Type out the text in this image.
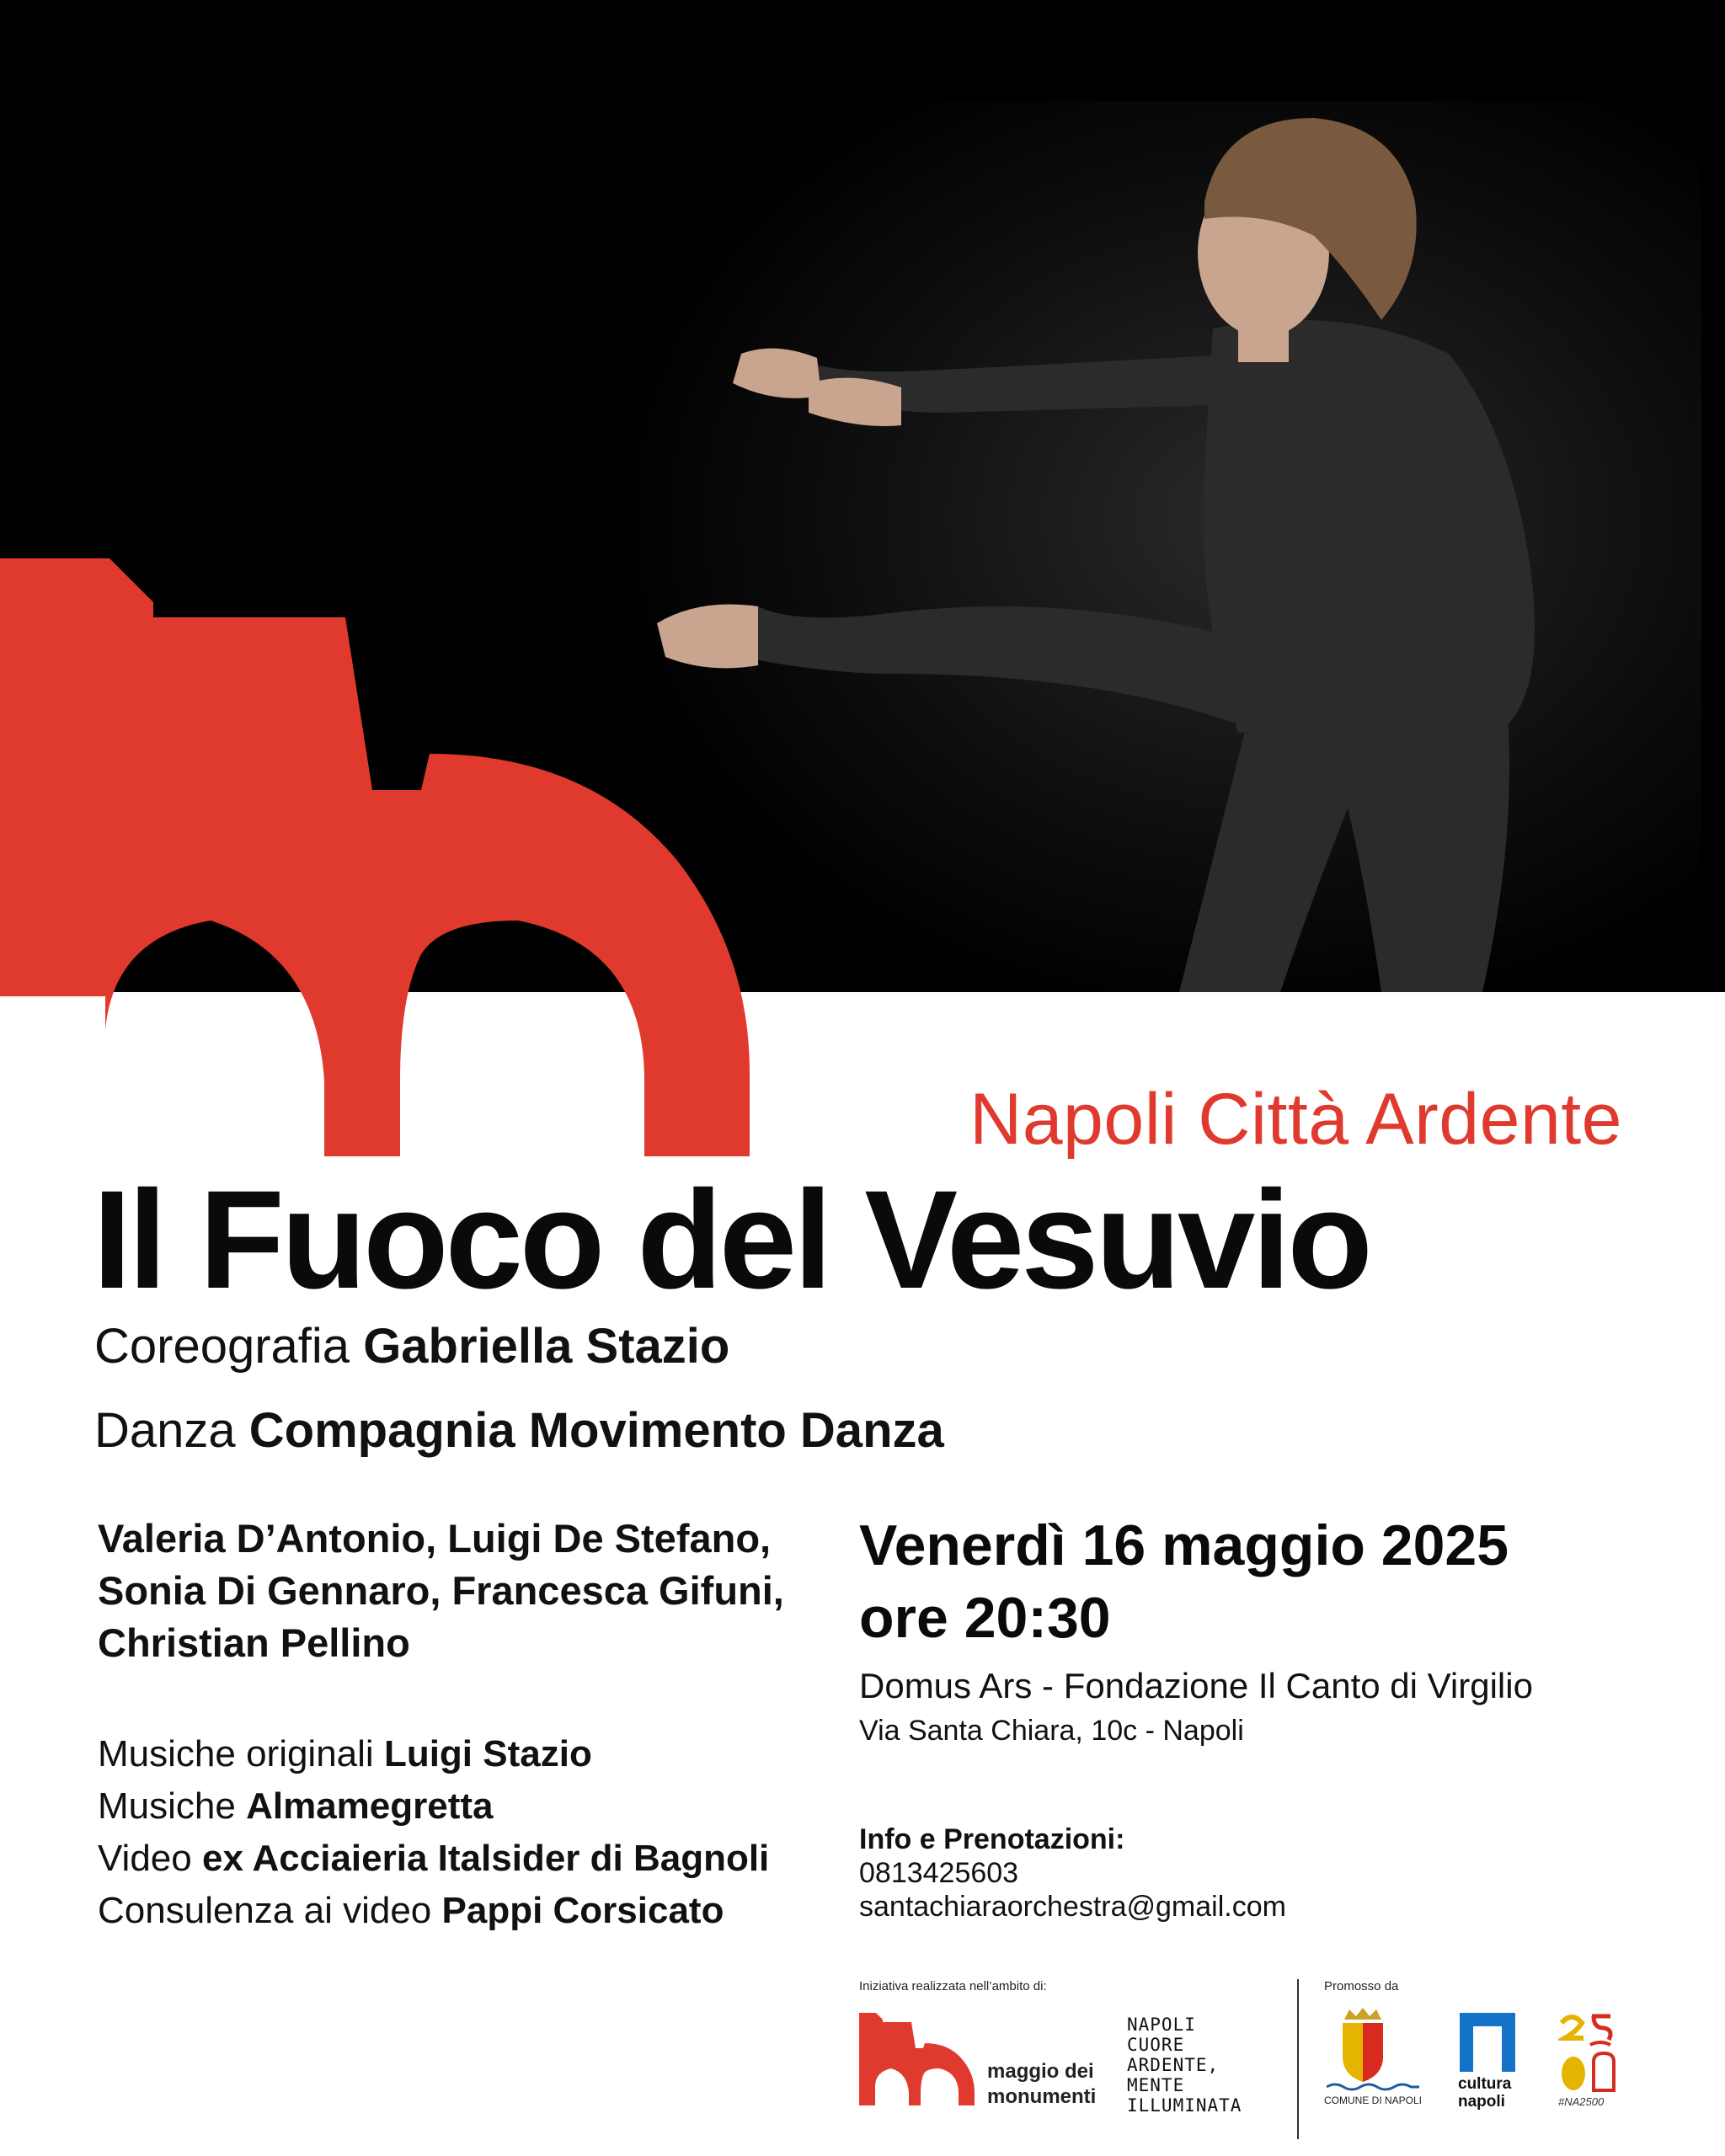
Napoli Città Ardente
Il Fuoco del Vesuvio
Coreografia Gabriella Stazio
Danza Compagnia Movimento Danza
Valeria D’Antonio, Luigi De Stefano,
Sonia Di Gennaro, Francesca Gifuni,
Christian Pellino
Musiche originali Luigi Stazio
Musiche Almamegretta
Video ex Acciaieria Italsider di Bagnoli
Consulenza ai video Pappi Corsicato
Venerdì 16 maggio 2025
ore 20:30
Domus Ars - Fondazione Il Canto di Virgilio
Via Santa Chiara, 10c - Napoli
Info e Prenotazioni:
0813425603
santachiaraorchestra@gmail.com
Iniziativa realizzata nell’ambito di:	Promosso da
maggio dei
monumenti
NAPOLI
CUORE
ARDENTE,
MENTE
ILLUMINATA	COMUNE DI NAPOLI
cultura
napoli	#NA2500
